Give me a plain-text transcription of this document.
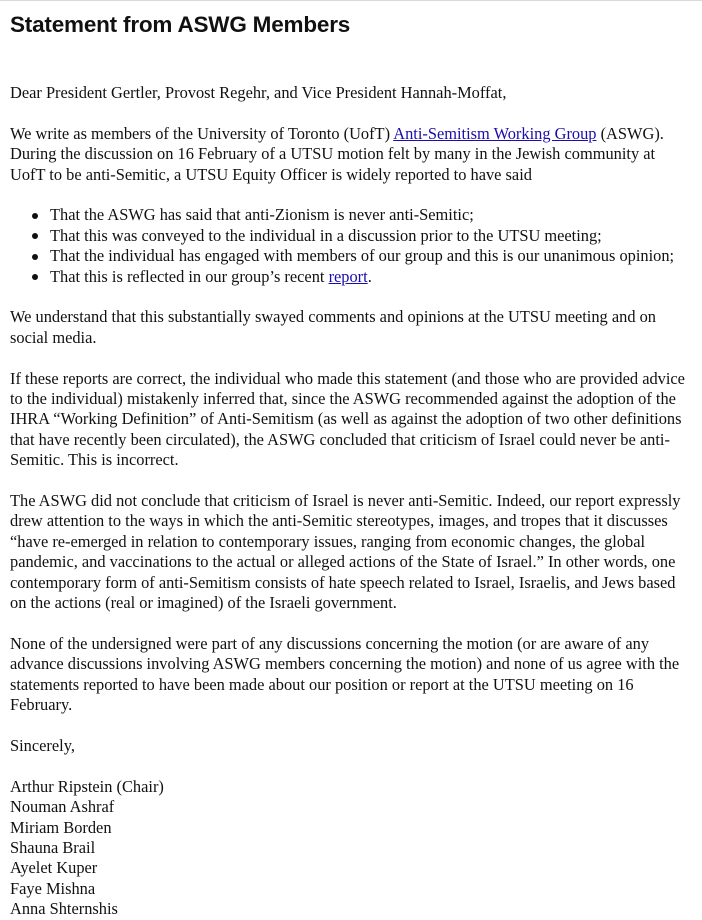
Statement from ASWG Members

Dear President Gertler, Provost Regehr, and Vice President Hannah-Moffat,

We write as members of the University of Toronto (UofT) Anti-Semitism Working Group (ASWG). During the discussion on 16 February of a UTSU motion felt by many in the Jewish community at UofT to be anti-Semitic, a UTSU Equity Officer is widely reported to have said

That the ASWG has said that anti-Zionism is never anti-Semitic;
That this was conveyed to the individual in a discussion prior to the UTSU meeting;
That the individual has engaged with members of our group and this is our unanimous opinion;
That this is reflected in our group’s recent report.

We understand that this substantially swayed comments and opinions at the UTSU meeting and on social media.

If these reports are correct, the individual who made this statement (and those who are provided advice to the individual) mistakenly inferred that, since the ASWG recommended against the adoption of the IHRA “Working Definition” of Anti-Semitism (as well as against the adoption of two other definitions that have recently been circulated), the ASWG concluded that criticism of Israel could never be anti-Semitic. This is incorrect.

The ASWG did not conclude that criticism of Israel is never anti-Semitic. Indeed, our report expressly drew attention to the ways in which the anti-Semitic stereotypes, images, and tropes that it discusses “have re-emerged in relation to contemporary issues, ranging from economic changes, the global pandemic, and vaccinations to the actual or alleged actions of the State of Israel.” In other words, one contemporary form of anti-Semitism consists of hate speech related to Israel, Israelis, and Jews based on the actions (real or imagined) of the Israeli government.

None of the undersigned were part of any discussions concerning the motion (or are aware of any advance discussions involving ASWG members concerning the motion) and none of us agree with the statements reported to have been made about our position or report at the UTSU meeting on 16 February.

Sincerely,

Arthur Ripstein (Chair)
Nouman Ashraf
Miriam Borden
Shauna Brail
Ayelet Kuper
Faye Mishna
Anna Shternshis
